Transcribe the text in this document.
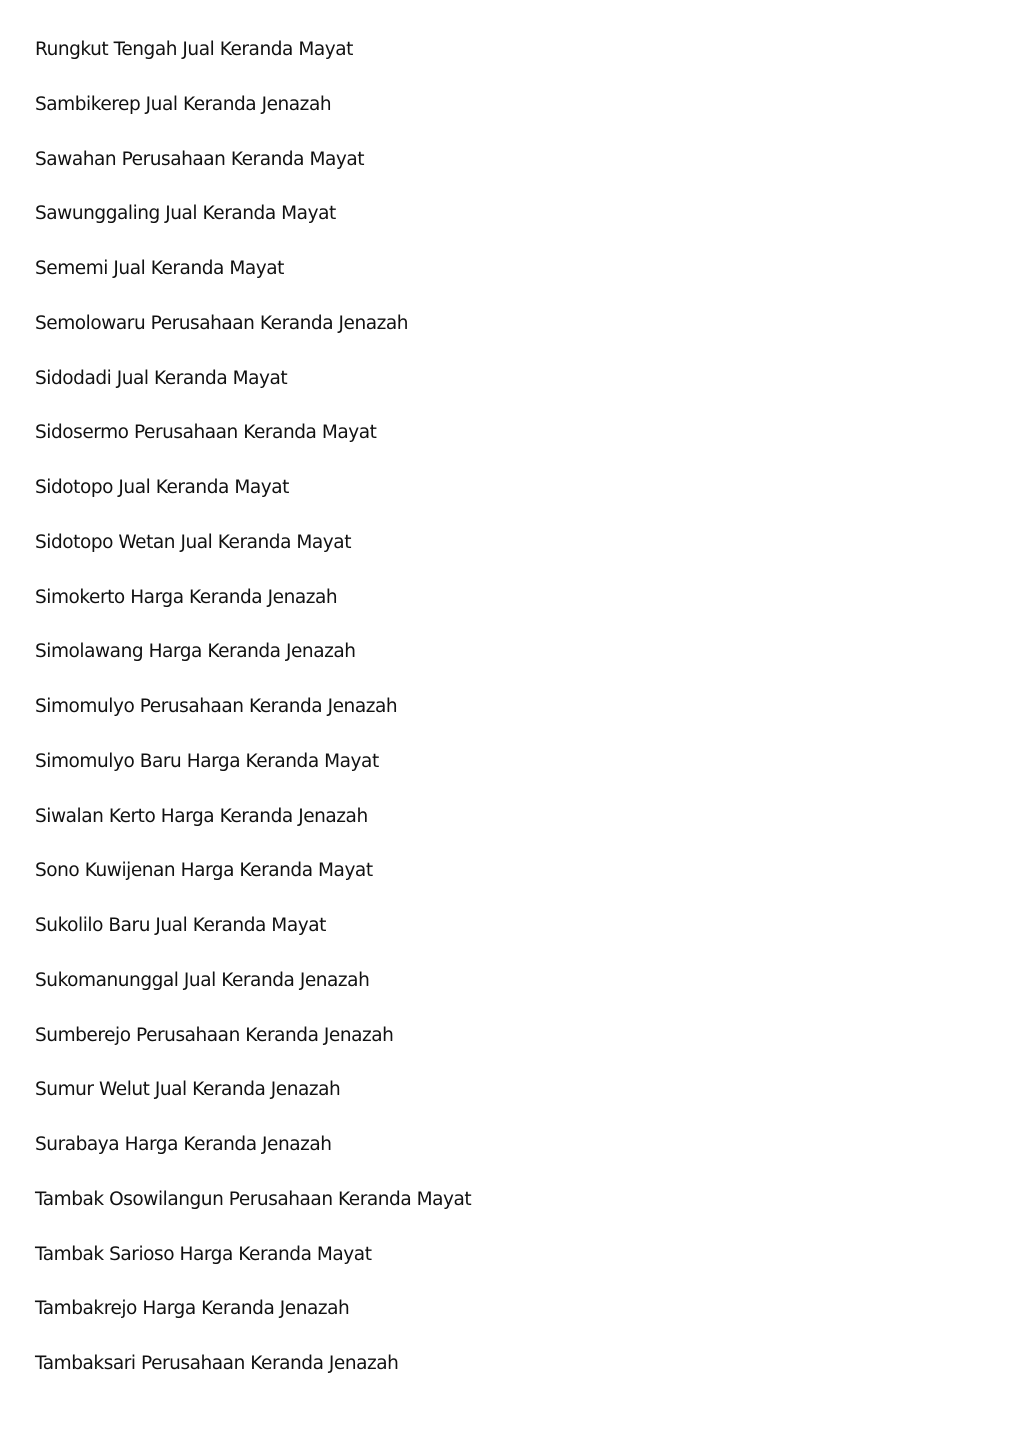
Rungkut Tengah Jual Keranda Mayat
Sambikerep Jual Keranda Jenazah
Sawahan Perusahaan Keranda Mayat
Sawunggaling Jual Keranda Mayat
Sememi Jual Keranda Mayat
Semolowaru Perusahaan Keranda Jenazah
Sidodadi Jual Keranda Mayat
Sidosermo Perusahaan Keranda Mayat
Sidotopo Jual Keranda Mayat
Sidotopo Wetan Jual Keranda Mayat
Simokerto Harga Keranda Jenazah
Simolawang Harga Keranda Jenazah
Simomulyo Perusahaan Keranda Jenazah
Simomulyo Baru Harga Keranda Mayat
Siwalan Kerto Harga Keranda Jenazah
Sono Kuwijenan Harga Keranda Mayat
Sukolilo Baru Jual Keranda Mayat
Sukomanunggal Jual Keranda Jenazah
Sumberejo Perusahaan Keranda Jenazah
Sumur Welut Jual Keranda Jenazah
Surabaya Harga Keranda Jenazah
Tambak Osowilangun Perusahaan Keranda Mayat
Tambak Sarioso Harga Keranda Mayat
Tambakrejo Harga Keranda Jenazah
Tambaksari Perusahaan Keranda Jenazah
